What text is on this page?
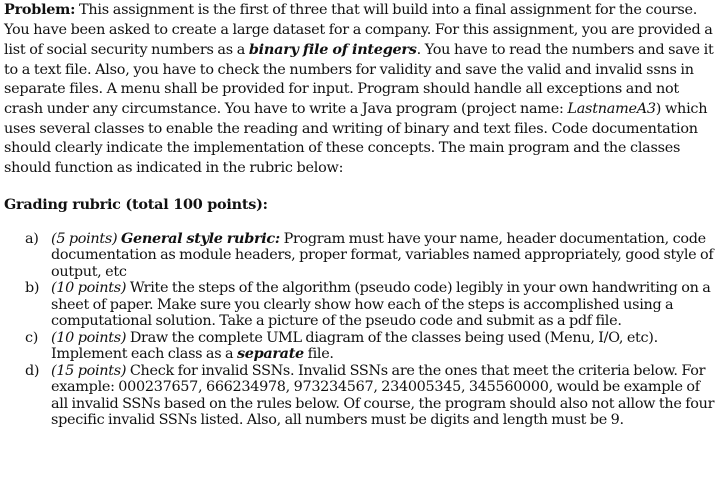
Problem: This assignment is the first of three that will build into a final assignment for the course. You have been asked to create a large dataset for a company. For this assignment, you are provided a list of social security numbers as a binary file of integers. You have to read the numbers and save it to a text file. Also, you have to check the numbers for validity and save the valid and invalid ssns in separate files. A menu shall be provided for input. Program should handle all exceptions and not crash under any circumstance. You have to write a Java program (project name: LastnameA3) which uses several classes to enable the reading and writing of binary and text files. Code documentation should clearly indicate the implementation of these concepts. The main program and the classes should function as indicated in the rubric below:

Grading rubric (total 100 points):
a) (5 points) General style rubric: Program must have your name, header documentation, code documentation as module headers, proper format, variables named appropriately, good style of output, etc
b) (10 points) Write the steps of the algorithm (pseudo code) legibly in your own handwriting on a sheet of paper. Make sure you clearly show how each of the steps is accomplished using a computational solution. Take a picture of the pseudo code and submit as a pdf file.
c) (10 points) Draw the complete UML diagram of the classes being used (Menu, I/O, etc). Implement each class as a separate file.
d) (15 points) Check for invalid SSNs. Invalid SSNs are the ones that meet the criteria below. For example: 000237657, 666234978, 973234567, 234005345, 345560000, would be example of all invalid SSNs based on the rules below. Of course, the program should also not allow the four specific invalid SSNs listed. Also, all numbers must be digits and length must be 9.
